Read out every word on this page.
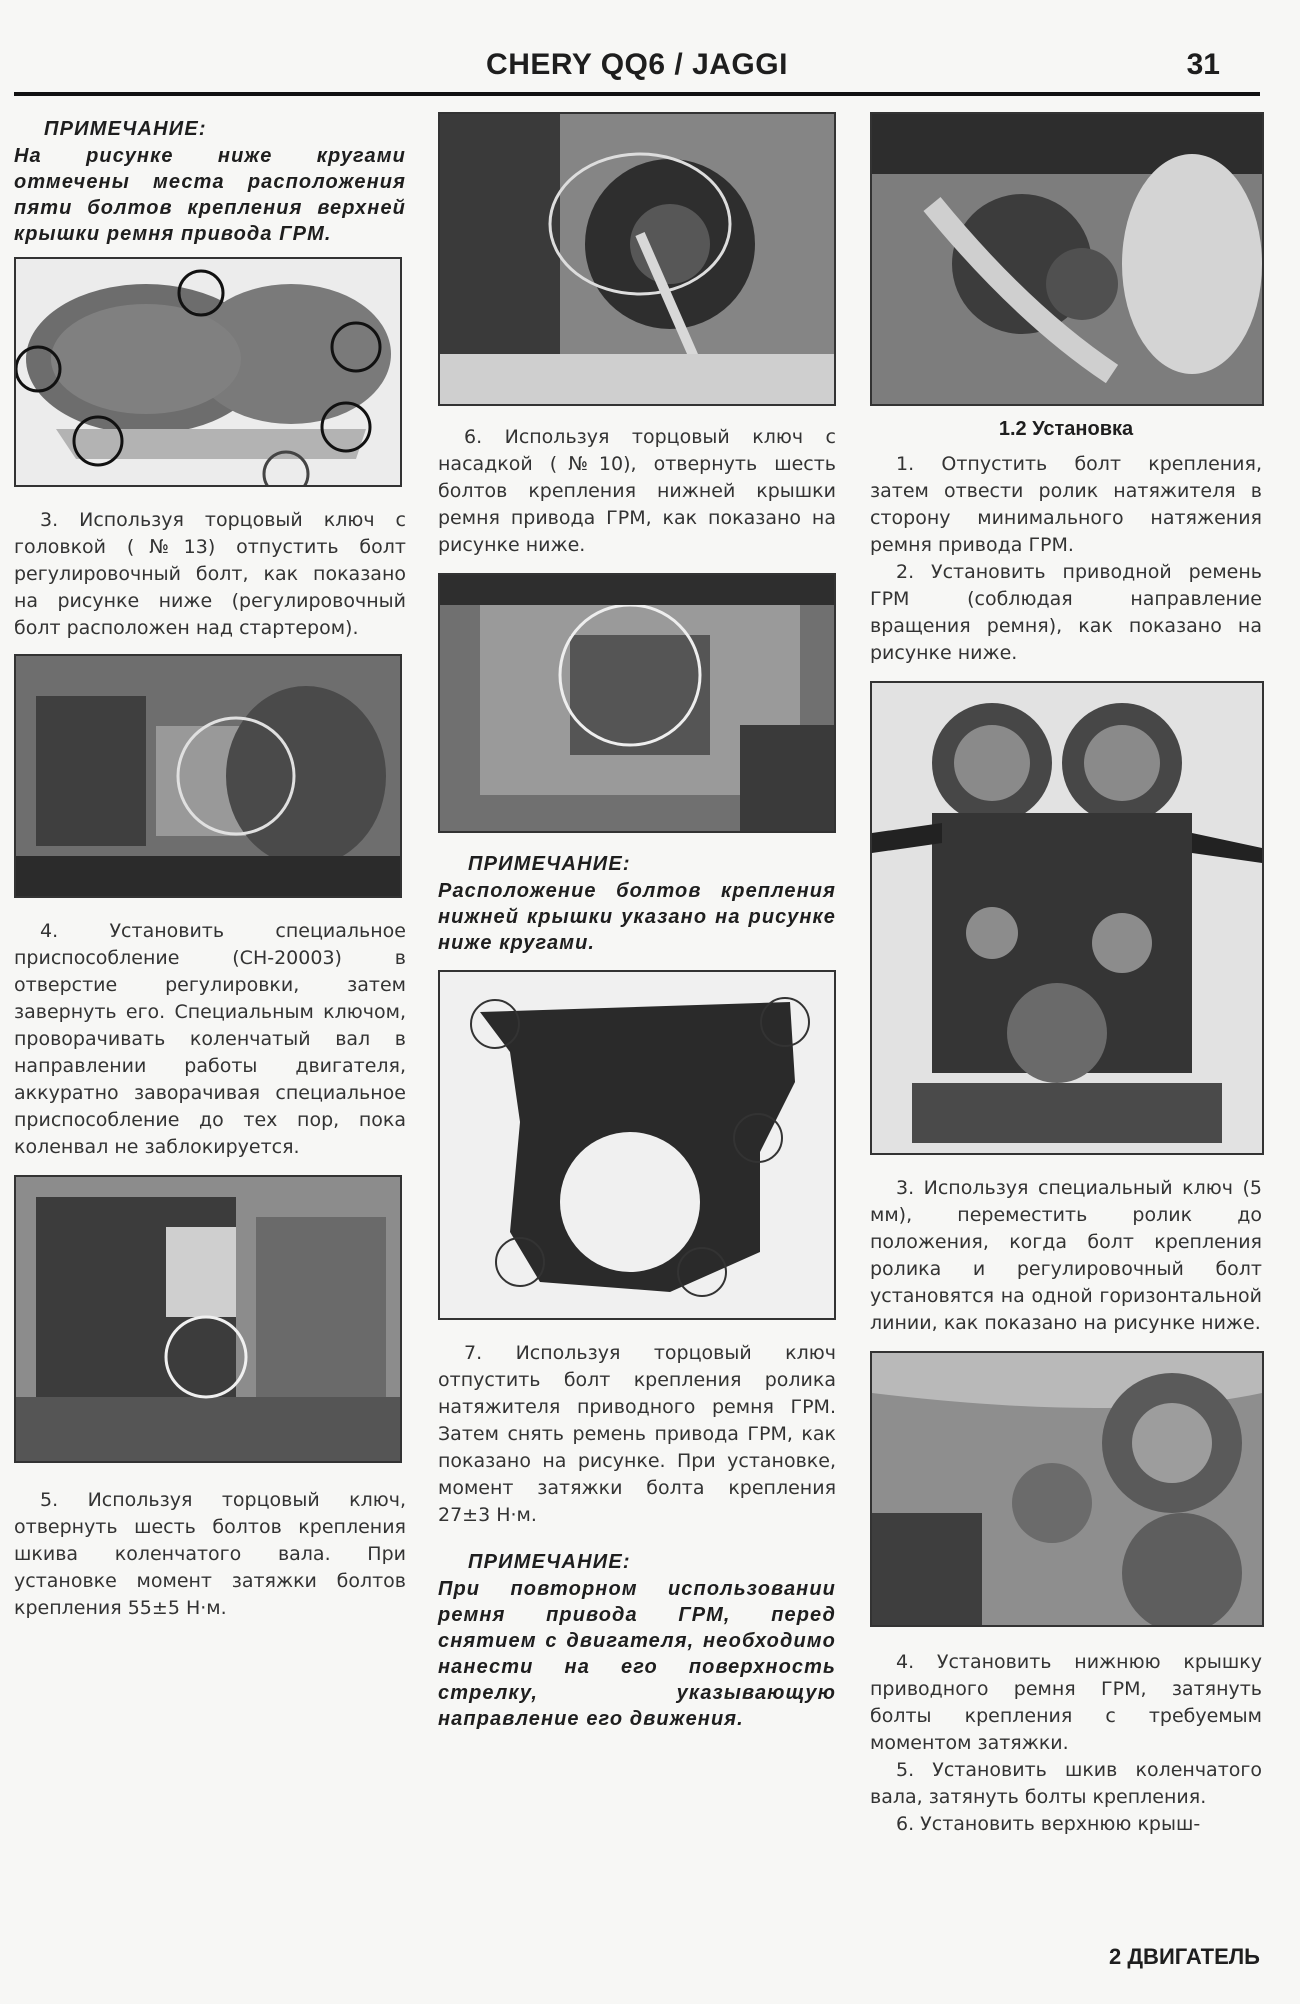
CHERY QQ6 / JAGGI	31
ПРИМЕЧАНИЕ:

На рисунке ниже кругами отмечены места расположения пяти болтов крепления верхней крышки ремня привода ГРМ.

3. Используя торцовый ключ с головкой (№13) отпустить болт регулировочный болт, как показано на рисунке ниже (регулировочный болт расположен над стартером).

4. Установить специальное приспособление (CH-20003) в отверстие регулировки, затем завернуть его. Специальным ключом, проворачивать коленчатый вал в направлении работы двигателя, аккуратно заворачивая специальное приспособление до тех пор, пока коленвал не заблокируется.

5. Используя торцовый ключ, отвернуть шесть болтов крепления шкива коленчатого вала. При установке момент затяжки болтов крепления 55±5 Н·м.

6. Используя торцовый ключ с насадкой (№10), отвернуть шесть болтов крепления нижней крышки ремня привода ГРМ, как показано на рисунке ниже.

ПРИМЕЧАНИЕ:

Расположение болтов крепления нижней крышки указано на рисунке ниже кругами.

7. Используя торцовый ключ отпустить болт крепления ролика натяжителя приводного ремня ГРМ. Затем снять ремень привода ГРМ, как показано на рисунке. При установке, момент затяжки болта крепления 27±3 Н·м.

ПРИМЕЧАНИЕ:

При повторном использовании ремня привода ГРМ, перед снятием с двигателя, необходимо нанести на его поверхность стрелку, указывающую направление его движения.

1.2 Установка

1. Отпустить болт крепления, затем отвести ролик натяжителя в сторону минимального натяжения ремня привода ГРМ.

2. Установить приводной ремень ГРМ (соблюдая направление вращения ремня), как показано на рисунке ниже.

3. Используя специальный ключ (5 мм), переместить ролик до положения, когда болт крепления ролика и регулировочный болт установятся на одной горизонтальной линии, как показано на рисунке ниже.

4. Установить нижнюю крышку приводного ремня ГРМ, затянуть болты крепления с требуемым моментом затяжки.

5. Установить шкив коленчатого вала, затянуть болты крепления.

6. Установить верхнюю крыш-

2 ДВИГАТЕЛЬ
